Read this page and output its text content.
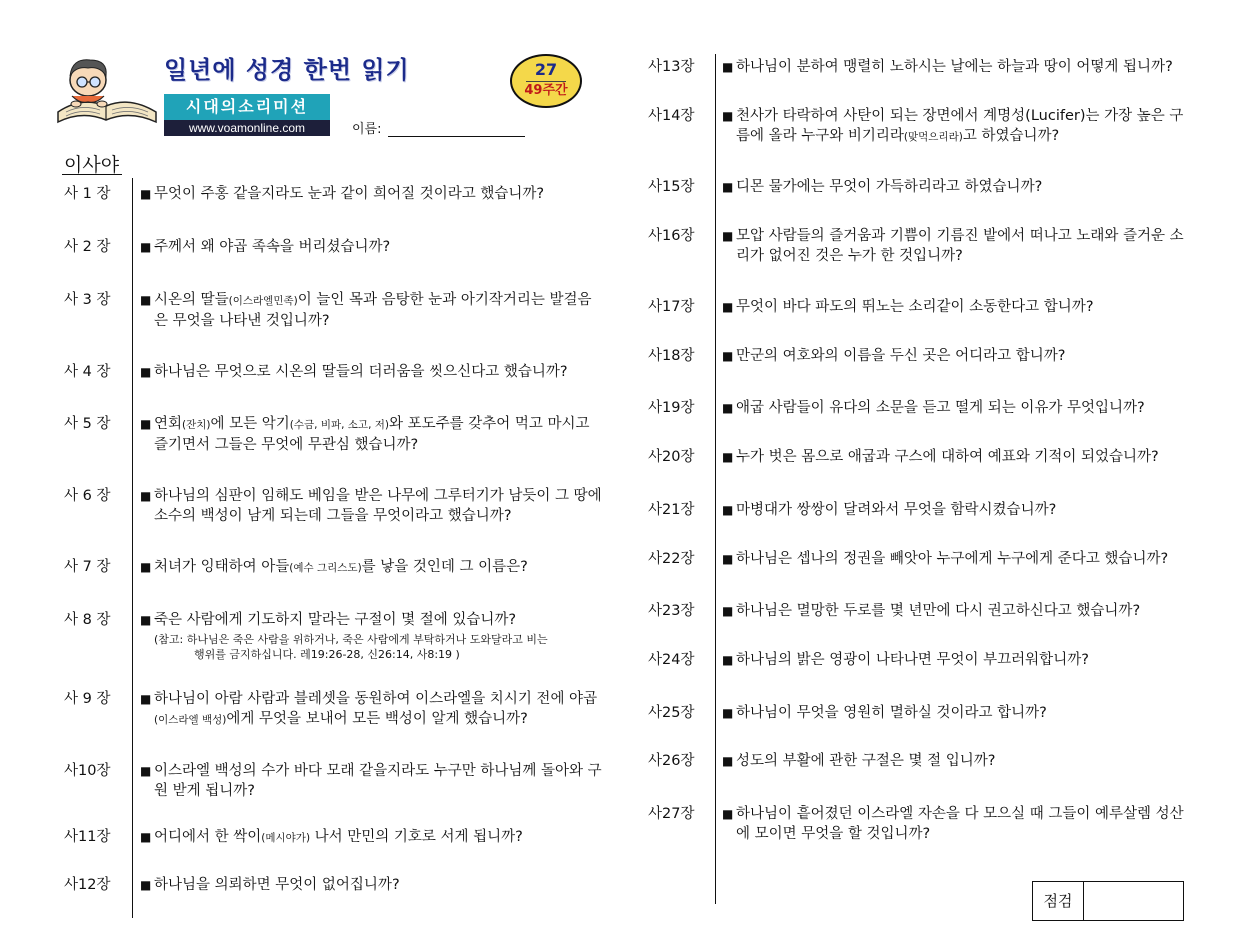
일년에 성경 한번 읽기	27
49주간
시대의소리미션
www.voamonline.com	이름:
이사야
사 1 장 ■ 무엇이 주홍 같을지라도 눈과 같이 희어질 것이라고 했습니까?
사 2 장 ■ 주께서 왜 야곱 족속을 버리셨습니까?
사 3 장 ■ 시온의 딸들(이스라엘민족)이 늘인 목과 음탕한 눈과 아기작거리는 발걸음은 무엇을 나타낸 것입니까?
사 4 장 ■ 하나님은 무엇으로 시온의 딸들의 더러움을 씻으신다고 했습니까?
사 5 장 ■ 연회(잔치)에 모든 악기(수금, 비파, 소고, 저)와 포도주를 갖추어 먹고 마시고 즐기면서 그들은 무엇에 무관심 했습니까?
사 6 장 ■ 하나님의 심판이 임해도 베임을 받은 나무에 그루터기가 남듯이 그 땅에 소수의 백성이 남게 되는데 그들을 무엇이라고 했습니까?
사 7 장 ■ 처녀가 잉태하여 아들(예수 그리스도)를 낳을 것인데 그 이름은?
사 8 장 ■ 죽은 사람에게 기도하지 말라는 구절이 몇 절에 있습니까?
(참고: 하나님은 죽은 사람을 위하거나, 죽은 사람에게 부탁하거나 도와달라고 비는
행위를 금지하십니다. 레19:26-28, 신26:14, 사8:19 )
사 9 장 ■ 하나님이 아람 사람과 블레셋을 동원하여 이스라엘을 치시기 전에 야곱(이스라엘 백성)에게 무엇을 보내어 모든 백성이 알게 했습니까?
사10장 ■ 이스라엘 백성의 수가 바다 모래 같을지라도 누구만 하나님께 돌아와 구원 받게 됩니까?
사11장 ■ 어디에서 한 싹이(메시야가) 나서 만민의 기호로 서게 됩니까?
사12장 ■ 하나님을 의뢰하면 무엇이 없어집니까?
사13장 ■ 하나님이 분하여 맹렬히 노하시는 날에는 하늘과 땅이 어떻게 됩니까?
사14장 ■ 천사가 타락하여 사탄이 되는 장면에서 계명성(Lucifer)는 가장 높은 구름에 올라 누구와 비기리라(맞먹으리라)고 하였습니까?
사15장 ■ 디몬 물가에는 무엇이 가득하리라고 하였습니까?
사16장 ■ 모압 사람들의 즐거움과 기쁨이 기름진 밭에서 떠나고 노래와 즐거운 소리가 없어진 것은 누가 한 것입니까?
사17장 ■ 무엇이 바다 파도의 뛰노는 소리같이 소동한다고 합니까?
사18장 ■ 만군의 여호와의 이름을 두신 곳은 어디라고 합니까?
사19장 ■ 애굽 사람들이 유다의 소문을 듣고 떨게 되는 이유가 무엇입니까?
사20장 ■ 누가 벗은 몸으로 애굽과 구스에 대하여 예표와 기적이 되었습니까?
사21장 ■ 마병대가 쌍쌍이 달려와서 무엇을 함락시켰습니까?
사22장 ■ 하나님은 셉나의 정권을 빼앗아 누구에게 누구에게 준다고 했습니까?
사23장 ■ 하나님은 멸망한 두로를 몇 년만에 다시 권고하신다고 했습니까?
사24장 ■ 하나님의 밝은 영광이 나타나면 무엇이 부끄러워합니까?
사25장 ■ 하나님이 무엇을 영원히 멸하실 것이라고 합니까?
사26장 ■ 성도의 부활에 관한 구절은 몇 절 입니까?
사27장 ■ 하나님이 흩어졌던 이스라엘 자손을 다 모으실 때 그들이 예루살렘 성산에 모이면 무엇을 할 것입니까?
점검
